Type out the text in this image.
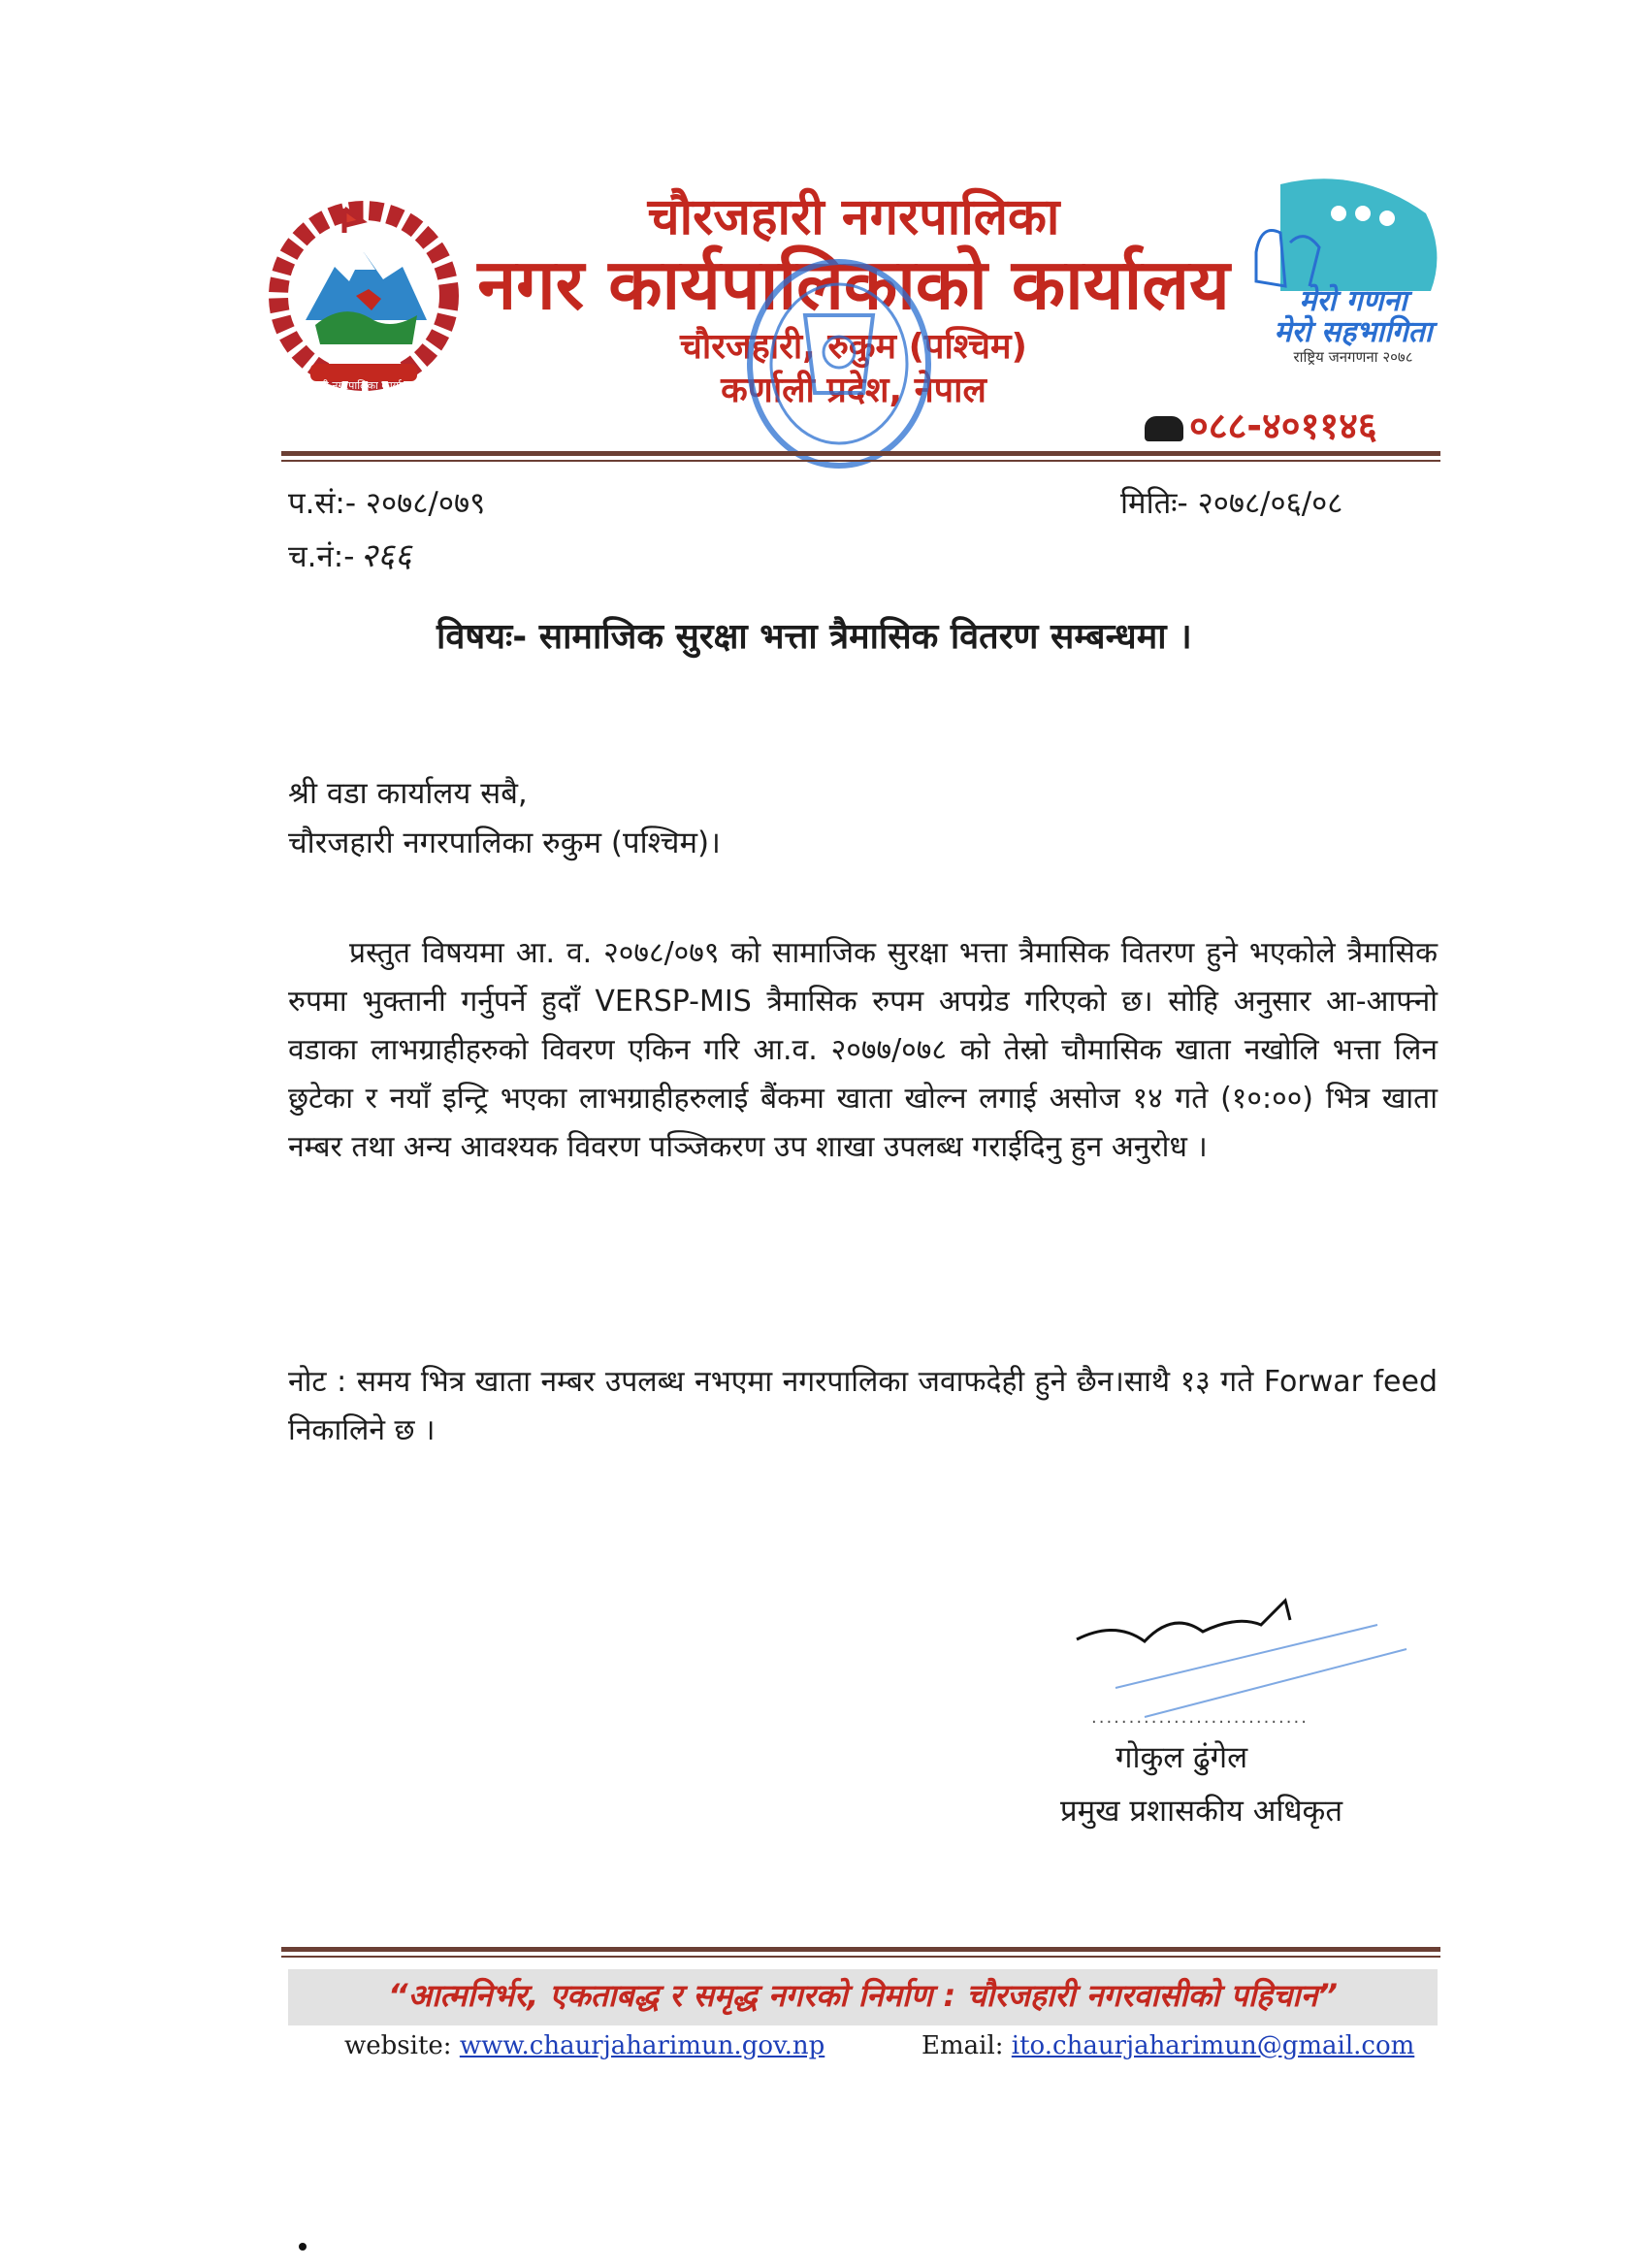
श्री नगरपालिका कार्यालय

चौरजहारी नगरपालिका

नगर कार्यपालिकाको कार्यालय

चौरजहारी, रुकुम (पश्चिम)

कर्णाली प्रदेश, नेपाल

मेरो गणना
मेरो सहभागिता
राष्ट्रिय जनगणना २०७८
०८८-४०११४६
प.सं:- २०७८/०७९	मितिः- २०७८/०६/०८
च.नं:- २६६
विषयः- सामाजिक सुरक्षा भत्ता त्रैमासिक वितरण सम्बन्धमा ।
श्री वडा कार्यालय सबै,
चौरजहारी नगरपालिका रुकुम (पश्चिम)।

प्रस्तुत विषयमा आ. व. २०७८/०७९ को सामाजिक सुरक्षा भत्ता त्रैमासिक वितरण हुने भएकोले त्रैमासिक रुपमा भुक्तानी गर्नुपर्ने हुदाँ VERSP-MIS त्रैमासिक रुपम अपग्रेड गरिएको छ। सोहि अनुसार आ-आफ्नो वडाका लाभग्राहीहरुको विवरण एकिन गरि आ.व. २०७७/०७८ को तेस्रो चौमासिक खाता नखोलि भत्ता लिन छुटेका र नयाँ इन्ट्रि भएका लाभग्राहीहरुलाई बैंकमा खाता खोल्न लगाई असोज १४ गते (१०:००) भित्र खाता नम्बर तथा अन्य आवश्यक विवरण पञ्जिकरण उप शाखा उपलब्ध गराईदिनु हुन अनुरोध ।

नोट : समय भित्र खाता नम्बर उपलब्ध नभएमा नगरपालिका जवाफदेही हुने छैन।साथै १३ गते Forwar feed निकालिने छ ।

·····························
गोकुल ढुंगेल
प्रमुख प्रशासकीय अधिकृत
“आत्मनिर्भर, एकताबद्ध र समृद्ध नगरको निर्माण : चौरजहारी नगरवासीको पहिचान”
website: www.chaurjaharimun.gov.np	Email: ito.chaurjaharimun@gmail.com
